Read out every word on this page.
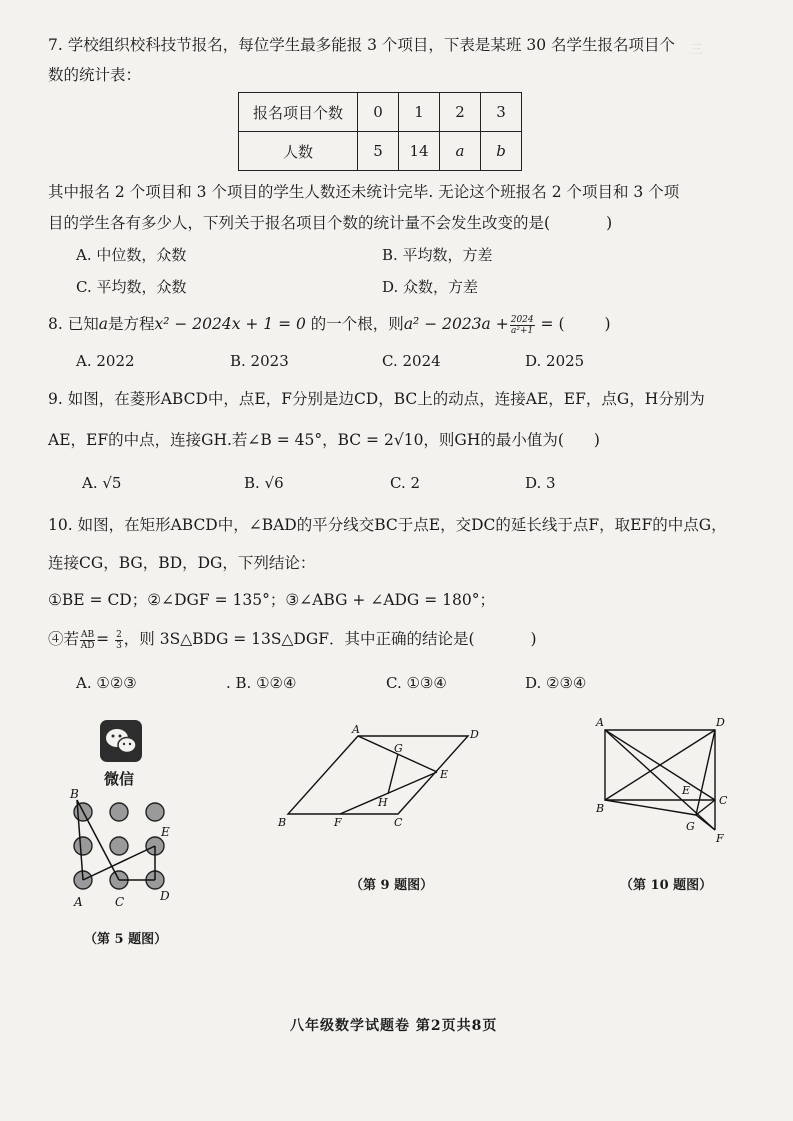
三
7. 学校组织校科技节报名，每位学生最多能报 3 个项目，下表是某班 30 名学生报名项目个
数的统计表：
报名项目个数	0	1	2	3
人数	5	14	a	b
其中报名 2 个项目和 3 个项目的学生人数还未统计完毕. 无论这个班报名 2 个项目和 3 个项
目的学生各有多少人，下列关于报名项目个数的统计量不会发生改变的是(	)
A. 中位数，众数	B. 平均数，方差
C. 平均数，众数	D. 众数，方差
8. 已知a是方程x² − 2024x + 1 = 0 的一个根，则$a^2 - 2023a + \frac{2024}{\text{a²+1}}$ = (	)
A. 2022	B. 2023	C. 2024	D. 2025
9. 如图，在菱形ABCD中，点E，F分别是边CD，BC上的动点，连接AE，EF，点G，H分别为
AE，EF的中点，连接GH.若∠B = 45°，BC = 2√10，则GH的最小值为( )
A. √5	B. √6	C. 2	D. 3
10. 如图，在矩形ABCD中，∠BAD的平分线交BC于点E，交DC的延长线于点F，取EF的中点G，
连接CG，BG，BD，DG，下列结论：
①BE = CD；②∠DGF = 135°；③∠ABG + ∠ADG = 180°；
④若 $\frac{AB}{AD} = \frac{2}{3}$ ，则 3S△BDG = 13S△DGF．其中正确的结论是(	)
A. ①②③	. B. ①②④	C. ①③④	D. ②③④
微信
B
E
A	C	D
（第 5 题图）
A	D
G
E
H
B	F	C
（第 9 题图）
A	D
E
C
B
G
F
（第 10 题图）
八年级数学试题卷 第2页共8页
